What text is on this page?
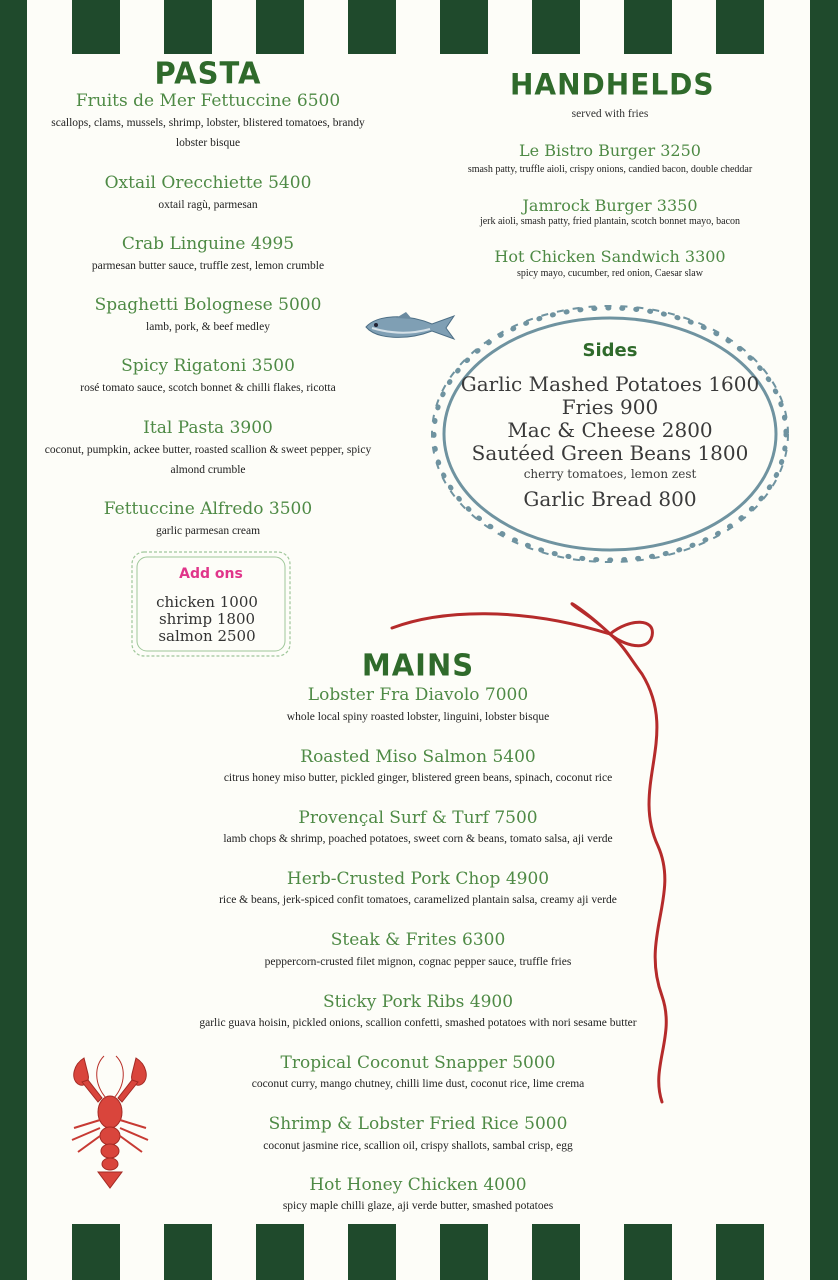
PASTA

Fruits de Mer Fettuccine 6500

scallops, clams, mussels, shrimp, lobster, blistered tomatoes, brandy lobster bisque

Oxtail Orecchiette 5400

oxtail ragù, parmesan

Crab Linguine 4995

parmesan butter sauce, truffle zest, lemon crumble

Spaghetti Bolognese 5000

lamb, pork, & beef medley

Spicy Rigatoni 3500

rosé tomato sauce, scotch bonnet & chilli flakes, ricotta

Ital Pasta 3900

coconut, pumpkin, ackee butter, roasted scallion & sweet pepper, spicy almond crumble

Fettuccine Alfredo 3500

garlic parmesan cream

Add ons

chicken 1000

shrimp 1800

salmon 2500

HANDHELDS

served with fries

Le Bistro Burger 3250

smash patty, truffle aioli, crispy onions, candied bacon, double cheddar

Jamrock Burger 3350

jerk aioli, smash patty, fried plantain, scotch bonnet mayo, bacon

Hot Chicken Sandwich 3300

spicy mayo, cucumber, red onion, Caesar slaw

Sides

Garlic Mashed Potatoes 1600

Fries 900

Mac & Cheese 2800

Sautéed Green Beans 1800

cherry tomatoes, lemon zest

Garlic Bread 800

MAINS

Lobster Fra Diavolo 7000

whole local spiny roasted lobster, linguini, lobster bisque

Roasted Miso Salmon 5400

citrus honey miso butter, pickled ginger, blistered green beans, spinach, coconut rice

Provençal Surf & Turf 7500

lamb chops & shrimp, poached potatoes, sweet corn & beans, tomato salsa, aji verde

Herb-Crusted Pork Chop 4900

rice & beans, jerk-spiced confit tomatoes, caramelized plantain salsa, creamy aji verde

Steak & Frites 6300

peppercorn-crusted filet mignon, cognac pepper sauce, truffle fries

Sticky Pork Ribs 4900

garlic guava hoisin, pickled onions, scallion confetti, smashed potatoes with nori sesame butter

Tropical Coconut Snapper 5000

coconut curry, mango chutney, chilli lime dust, coconut rice, lime crema

Shrimp & Lobster Fried Rice 5000

coconut jasmine rice, scallion oil, crispy shallots, sambal crisp, egg

Hot Honey Chicken 4000

spicy maple chilli glaze, aji verde butter, smashed potatoes
